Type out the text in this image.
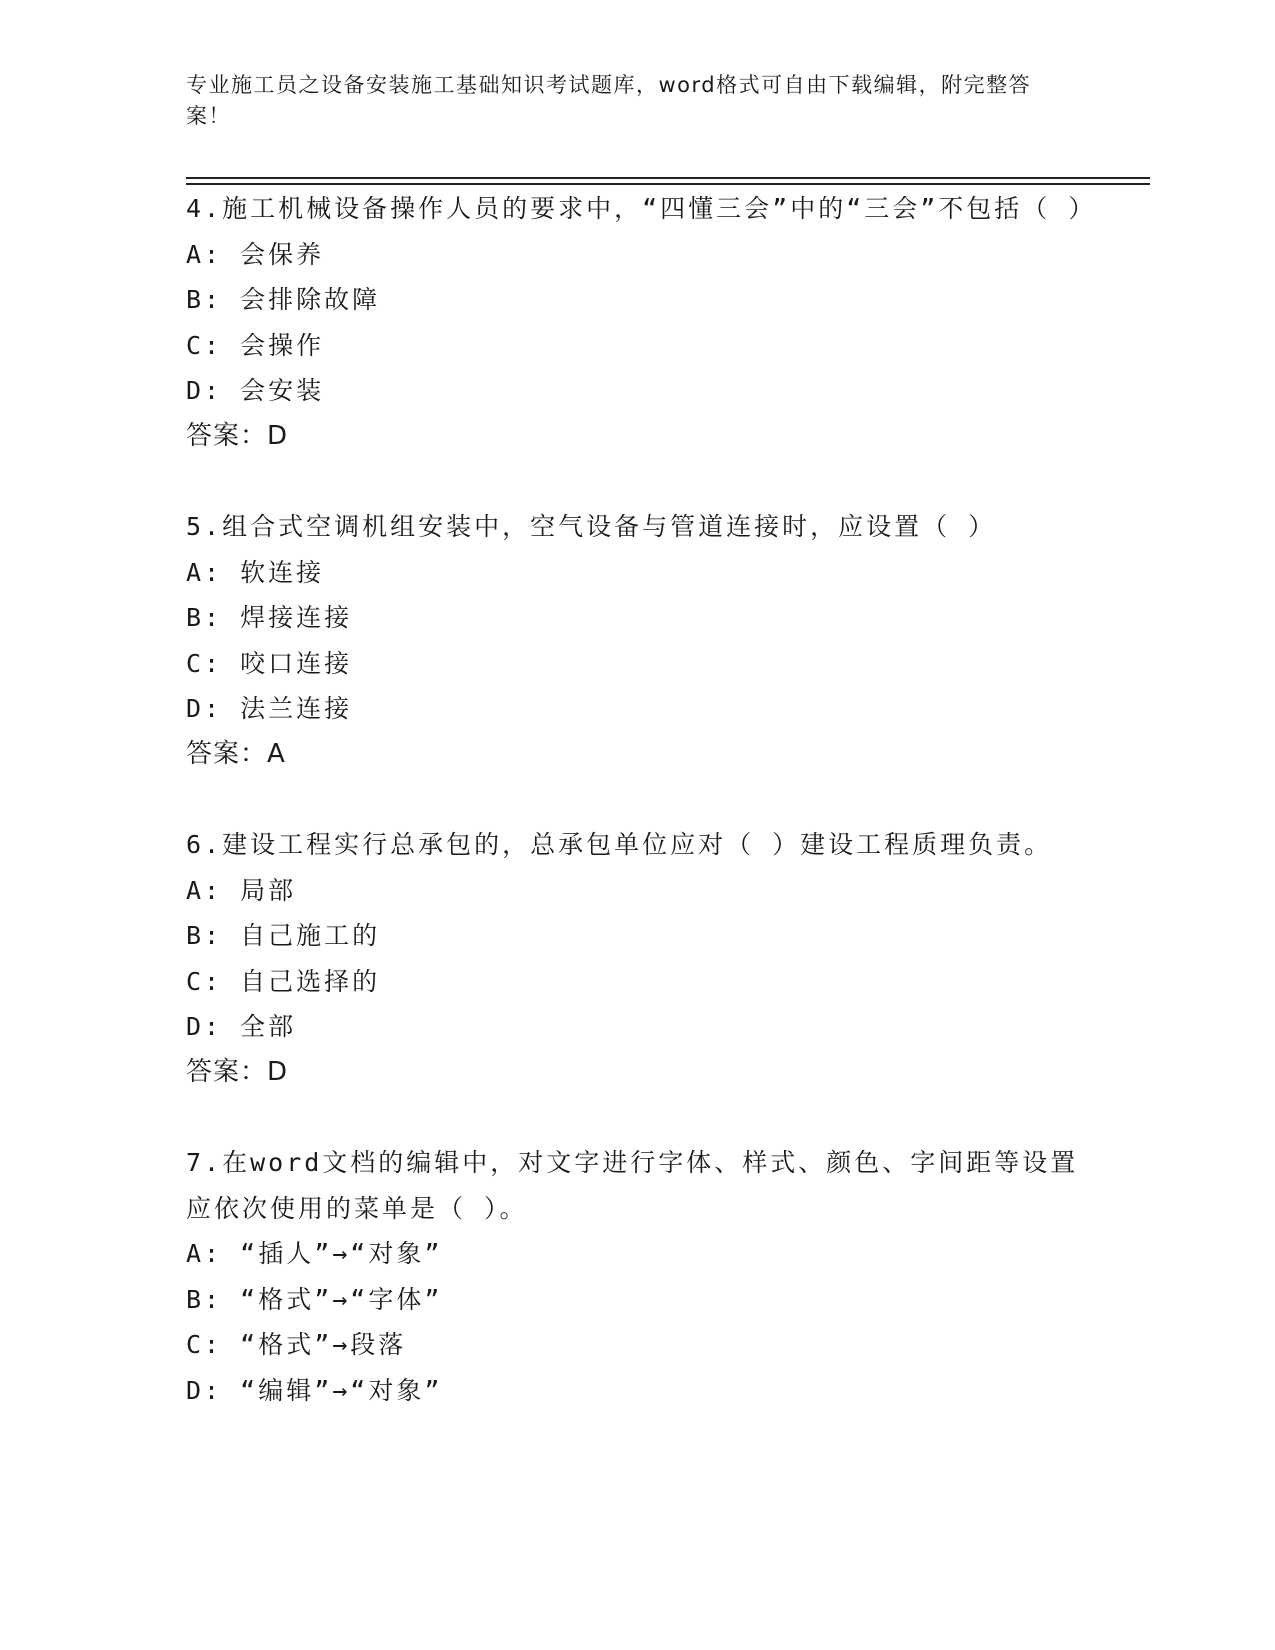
专业施工员之设备安装施工基础知识考试题库，word格式可自由下载编辑，附完整答案！

4.施工机械设备操作人员的要求中，“四懂三会”中的“三会”不包括（ ）

A: 会保养

B: 会排除故障

C: 会操作

D: 会安装

答案：D

5.组合式空调机组安装中，空气设备与管道连接时，应设置（ ）

A: 软连接

B: 焊接连接

C: 咬口连接

D: 法兰连接

答案：A

6.建设工程实行总承包的，总承包单位应对（ ）建设工程质理负责。

A: 局部

B: 自己施工的

C: 自己选择的

D: 全部

答案：D

7.在word文档的编辑中，对文字进行字体、样式、颜色、字间距等设置应依次使用的菜单是（ ）。

A: “插人”→“对象”

B: “格式”→“字体”

C: “格式”→段落

D: “编辑”→“对象”
